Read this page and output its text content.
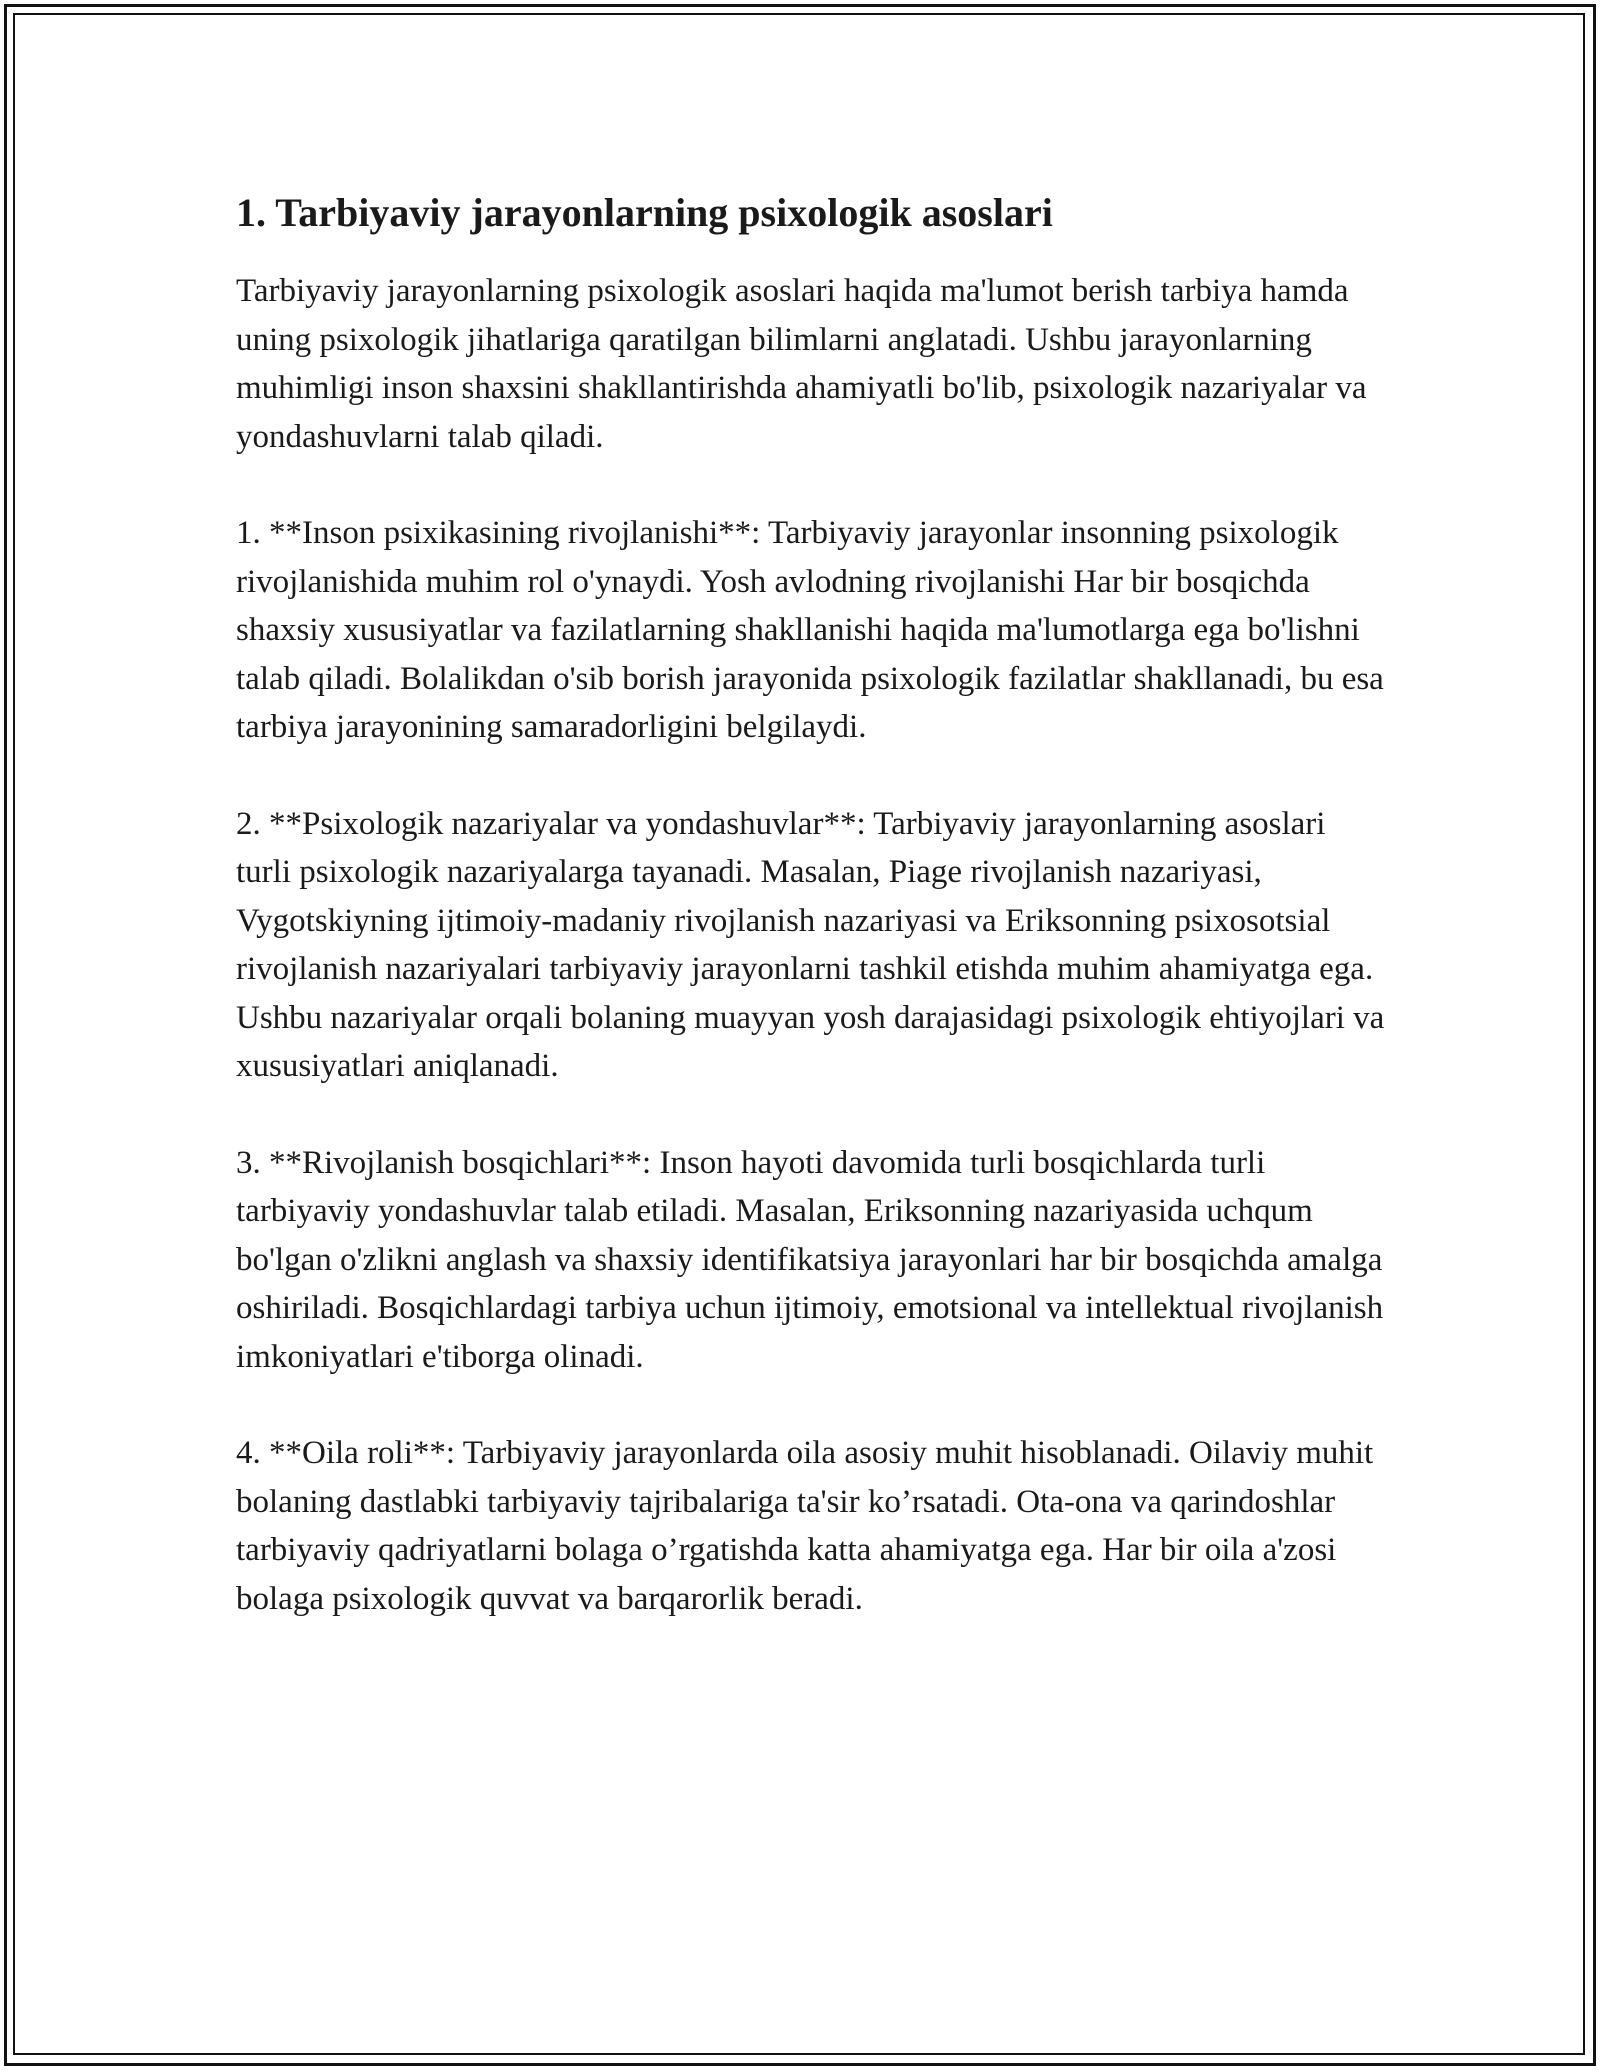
1. Tarbiyaviy jarayonlarning psixologik asoslari

Tarbiyaviy jarayonlarning psixologik asoslari haqida ma'lumot berish tarbiya hamda uning psixologik jihatlariga qaratilgan bilimlarni anglatadi. Ushbu jarayonlarning muhimligi inson shaxsini shakllantirishda ahamiyatli bo'lib, psixologik nazariyalar va yondashuvlarni talab qiladi.

1. **Inson psixikasining rivojlanishi**: Tarbiyaviy jarayonlar insonning psixologik rivojlanishida muhim rol o'ynaydi. Yosh avlodning rivojlanishi Har bir bosqichda shaxsiy xususiyatlar va fazilatlarning shakllanishi haqida ma'lumotlarga ega bo'lishni talab qiladi. Bolalikdan o'sib borish jarayonida psixologik fazilatlar shakllanadi, bu esa tarbiya jarayonining samaradorligini belgilaydi.

2. **Psixologik nazariyalar va yondashuvlar**: Tarbiyaviy jarayonlarning asoslari turli psixologik nazariyalarga tayanadi. Masalan, Piage rivojlanish nazariyasi, Vygotskiyning ijtimoiy-madaniy rivojlanish nazariyasi va Eriksonning psixosotsial rivojlanish nazariyalari tarbiyaviy jarayonlarni tashkil etishda muhim ahamiyatga ega. Ushbu nazariyalar orqali bolaning muayyan yosh darajasidagi psixologik ehtiyojlari va xususiyatlari aniqlanadi.

3. **Rivojlanish bosqichlari**: Inson hayoti davomida turli bosqichlarda turli tarbiyaviy yondashuvlar talab etiladi. Masalan, Eriksonning nazariyasida uchqum bo'lgan o'zlikni anglash va shaxsiy identifikatsiya jarayonlari har bir bosqichda amalga oshiriladi. Bosqichlardagi tarbiya uchun ijtimoiy, emotsional va intellektual rivojlanish imkoniyatlari e'tiborga olinadi.

4. **Oila roli**: Tarbiyaviy jarayonlarda oila asosiy muhit hisoblanadi. Oilaviy muhit bolaning dastlabki tarbiyaviy tajribalariga ta'sir ko’rsatadi. Ota-ona va qarindoshlar tarbiyaviy qadriyatlarni bolaga o’rgatishda katta ahamiyatga ega. Har bir oila a'zosi bolaga psixologik quvvat va barqarorlik beradi.
